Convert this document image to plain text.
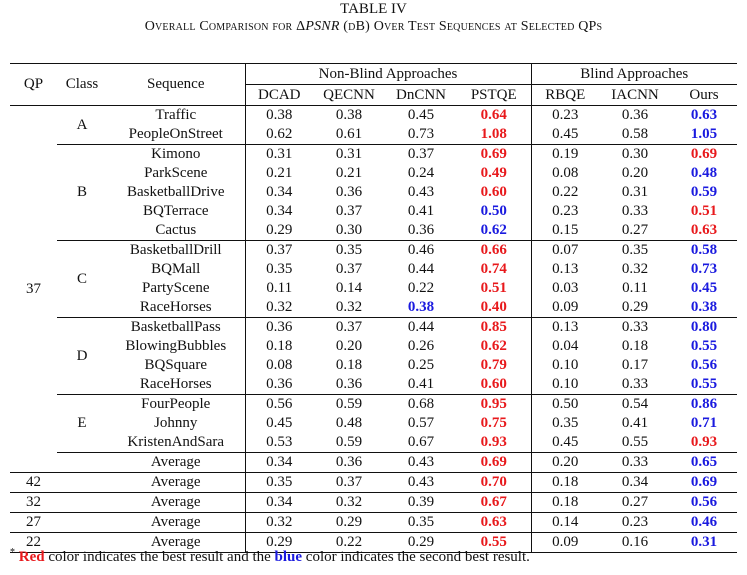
TABLE IV
Overall Comparison for ΔPSNR (dB) Over Test Sequences at Selected QPs
QP	Class	Sequence	Non-Blind Approaches				Blind Approaches		
			DCAD	QECNN	DnCNN	PSTQE	RBQE	IACNN	Ours
37	A	Traffic	0.38	0.38	0.45	0.64	0.23	0.36	0.63
		PeopleOnStreet	0.62	0.61	0.73	1.08	0.45	0.58	1.05
	B	Kimono	0.31	0.31	0.37	0.69	0.19	0.30	0.69
		ParkScene	0.21	0.21	0.24	0.49	0.08	0.20	0.48
		BasketballDrive	0.34	0.36	0.43	0.60	0.22	0.31	0.59
		BQTerrace	0.34	0.37	0.41	0.50	0.23	0.33	0.51
		Cactus	0.29	0.30	0.36	0.62	0.15	0.27	0.63
	C	BasketballDrill	0.37	0.35	0.46	0.66	0.07	0.35	0.58
		BQMall	0.35	0.37	0.44	0.74	0.13	0.32	0.73
		PartyScene	0.11	0.14	0.22	0.51	0.03	0.11	0.45
		RaceHorses	0.32	0.32	0.38	0.40	0.09	0.29	0.38
	D	BasketballPass	0.36	0.37	0.44	0.85	0.13	0.33	0.80
		BlowingBubbles	0.18	0.20	0.26	0.62	0.04	0.18	0.55
		BQSquare	0.08	0.18	0.25	0.79	0.10	0.17	0.56
		RaceHorses	0.36	0.36	0.41	0.60	0.10	0.33	0.55
	E	FourPeople	0.56	0.59	0.68	0.95	0.50	0.54	0.86
		Johnny	0.45	0.48	0.57	0.75	0.35	0.41	0.71
		KristenAndSara	0.53	0.59	0.67	0.93	0.45	0.55	0.93
		Average	0.34	0.36	0.43	0.69	0.20	0.33	0.65
42		Average	0.35	0.37	0.43	0.70	0.18	0.34	0.69
32		Average	0.34	0.32	0.39	0.67	0.18	0.27	0.56
27		Average	0.32	0.29	0.35	0.63	0.14	0.23	0.46
22		Average	0.29	0.22	0.29	0.55	0.09	0.16	0.31
* Red color indicates the best result and the blue color indicates the second best result.
